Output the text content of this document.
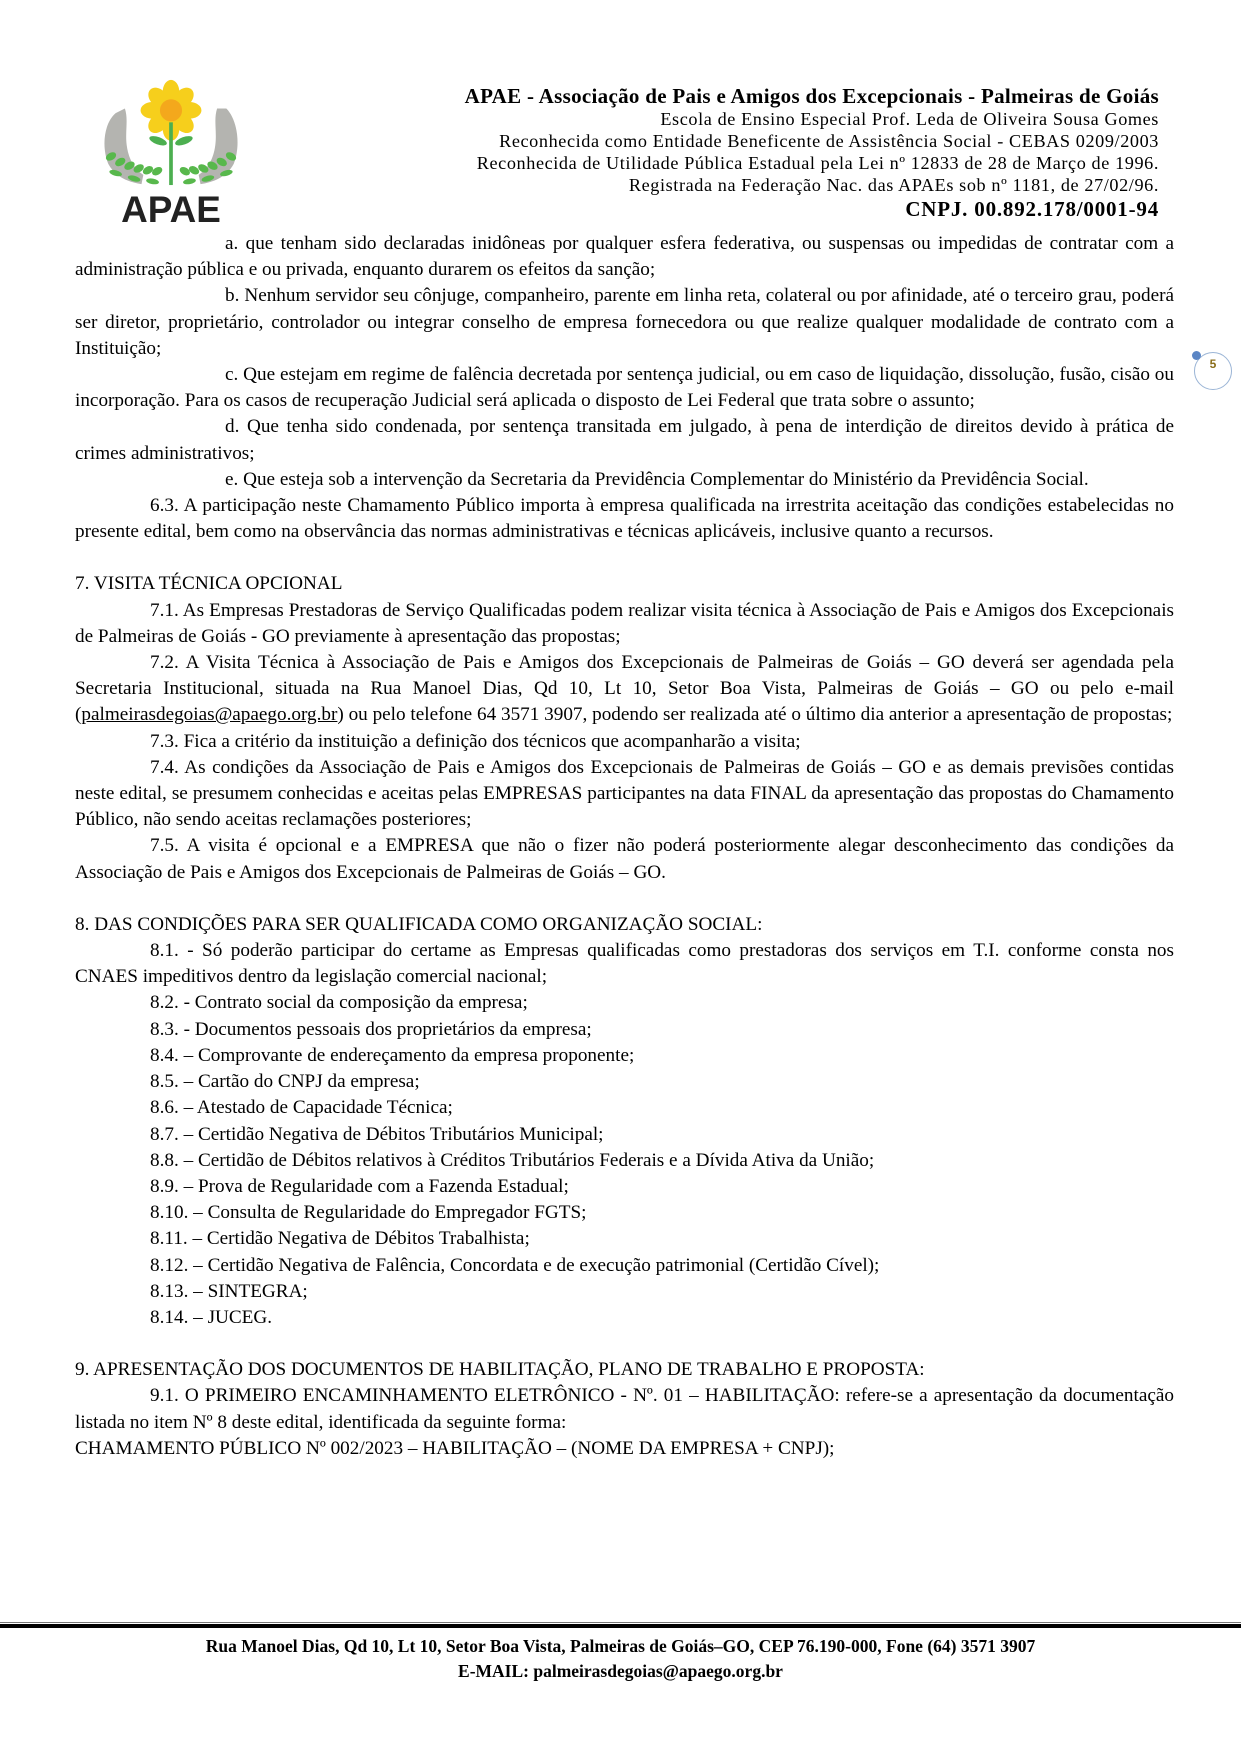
APAE
APAE - Associação de Pais e Amigos dos Excepcionais - Palmeiras de Goiás
Escola de Ensino Especial Prof. Leda de Oliveira Sousa Gomes
Reconhecida como Entidade Beneficente de Assistência Social - CEBAS 0209/2003
Reconhecida de Utilidade Pública Estadual pela Lei nº 12833 de 28 de Março de 1996.
Registrada na Federação Nac. das APAEs sob nº 1181, de 27/02/96.
CNPJ. 00.892.178/0001-94
5

a. que tenham sido declaradas inidôneas por qualquer esfera federativa, ou suspensas ou impedidas de contratar com a administração pública e ou privada, enquanto durarem os efeitos da sanção;

b. Nenhum servidor seu cônjuge, companheiro, parente em linha reta, colateral ou por afinidade, até o terceiro grau, poderá ser diretor, proprietário, controlador ou integrar conselho de empresa fornecedora ou que realize qualquer modalidade de contrato com a Instituição;

c. Que estejam em regime de falência decretada por sentença judicial, ou em caso de liquidação, dissolução, fusão, cisão ou incorporação. Para os casos de recuperação Judicial será aplicada o disposto de Lei Federal que trata sobre o assunto;

d. Que tenha sido condenada, por sentença transitada em julgado, à pena de interdição de direitos devido à prática de crimes administrativos;

e. Que esteja sob a intervenção da Secretaria da Previdência Complementar do Ministério da Previdência Social.

6.3. A participação neste Chamamento Público importa à empresa qualificada na irrestrita aceitação das condições estabelecidas no presente edital, bem como na observância das normas administrativas e técnicas aplicáveis, inclusive quanto a recursos.

7. VISITA TÉCNICA OPCIONAL

7.1. As Empresas Prestadoras de Serviço Qualificadas podem realizar visita técnica à Associação de Pais e Amigos dos Excepcionais de Palmeiras de Goiás - GO previamente à apresentação das propostas;

7.2. A Visita Técnica à Associação de Pais e Amigos dos Excepcionais de Palmeiras de Goiás – GO deverá ser agendada pela Secretaria Institucional, situada na Rua Manoel Dias, Qd 10, Lt 10, Setor Boa Vista, Palmeiras de Goiás – GO ou pelo e-mail (palmeirasdegoias@apaego.org.br) ou pelo telefone 64 3571 3907, podendo ser realizada até o último dia anterior a apresentação de propostas;

7.3. Fica a critério da instituição a definição dos técnicos que acompanharão a visita;

7.4. As condições da Associação de Pais e Amigos dos Excepcionais de Palmeiras de Goiás – GO e as demais previsões contidas neste edital, se presumem conhecidas e aceitas pelas EMPRESAS participantes na data FINAL da apresentação das propostas do Chamamento Público, não sendo aceitas reclamações posteriores;

7.5. A visita é opcional e a EMPRESA que não o fizer não poderá posteriormente alegar desconhecimento das condições da Associação de Pais e Amigos dos Excepcionais de Palmeiras de Goiás – GO.

8. DAS CONDIÇÕES PARA SER QUALIFICADA COMO ORGANIZAÇÃO SOCIAL:

8.1. - Só poderão participar do certame as Empresas qualificadas como prestadoras dos serviços em T.I. conforme consta nos CNAES impeditivos dentro da legislação comercial nacional;

8.2. - Contrato social da composição da empresa;
8.3. - Documentos pessoais dos proprietários da empresa;
8.4. – Comprovante de endereçamento da empresa proponente;
8.5. – Cartão do CNPJ da empresa;
8.6. – Atestado de Capacidade Técnica;
8.7. – Certidão Negativa de Débitos Tributários Municipal;
8.8. – Certidão de Débitos relativos à Créditos Tributários Federais e a Dívida Ativa da União;
8.9. – Prova de Regularidade com a Fazenda Estadual;
8.10. – Consulta de Regularidade do Empregador FGTS;
8.11. – Certidão Negativa de Débitos Trabalhista;
8.12. – Certidão Negativa de Falência, Concordata e de execução patrimonial (Certidão Cível);
8.13. – SINTEGRA;
8.14. – JUCEG.

9. APRESENTAÇÃO DOS DOCUMENTOS DE HABILITAÇÃO, PLANO DE TRABALHO E PROPOSTA:

9.1. O PRIMEIRO ENCAMINHAMENTO ELETRÔNICO - Nº. 01 – HABILITAÇÃO: refere-se a apresentação da documentação listada no item Nº 8 deste edital, identificada da seguinte forma:

CHAMAMENTO PÚBLICO Nº 002/2023 – HABILITAÇÃO – (NOME DA EMPRESA + CNPJ);

Rua Manoel Dias, Qd 10, Lt 10, Setor Boa Vista, Palmeiras de Goiás–GO, CEP 76.190-000, Fone (64) 3571 3907
E-MAIL: palmeirasdegoias@apaego.org.br
